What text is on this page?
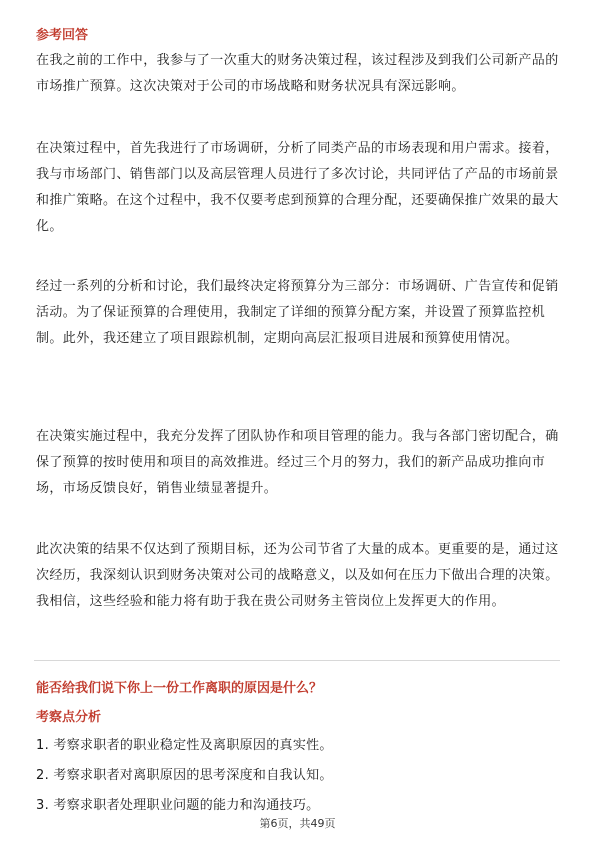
参考回答

在我之前的工作中，我参与了一次重大的财务决策过程，该过程涉及到我们公司新产品的市场推广预算。这次决策对于公司的市场战略和财务状况具有深远影响。

在决策过程中，首先我进行了市场调研，分析了同类产品的市场表现和用户需求。接着，我与市场部门、销售部门以及高层管理人员进行了多次讨论，共同评估了产品的市场前景和推广策略。在这个过程中，我不仅要考虑到预算的合理分配，还要确保推广效果的最大化。

经过一系列的分析和讨论，我们最终决定将预算分为三部分：市场调研、广告宣传和促销活动。为了保证预算的合理使用，我制定了详细的预算分配方案，并设置了预算监控机制。此外，我还建立了项目跟踪机制，定期向高层汇报项目进展和预算使用情况。

在决策实施过程中，我充分发挥了团队协作和项目管理的能力。我与各部门密切配合，确保了预算的按时使用和项目的高效推进。经过三个月的努力，我们的新产品成功推向市场，市场反馈良好，销售业绩显著提升。

此次决策的结果不仅达到了预期目标，还为公司节省了大量的成本。更重要的是，通过这次经历，我深刻认识到财务决策对公司的战略意义，以及如何在压力下做出合理的决策。我相信，这些经验和能力将有助于我在贵公司财务主管岗位上发挥更大的作用。

能否给我们说下你上一份工作离职的原因是什么？
考察点分析
1. 考察求职者的职业稳定性及离职原因的真实性。
2. 考察求职者对离职原因的思考深度和自我认知。
3. 考察求职者处理职业问题的能力和沟通技巧。
第6页，共49页
